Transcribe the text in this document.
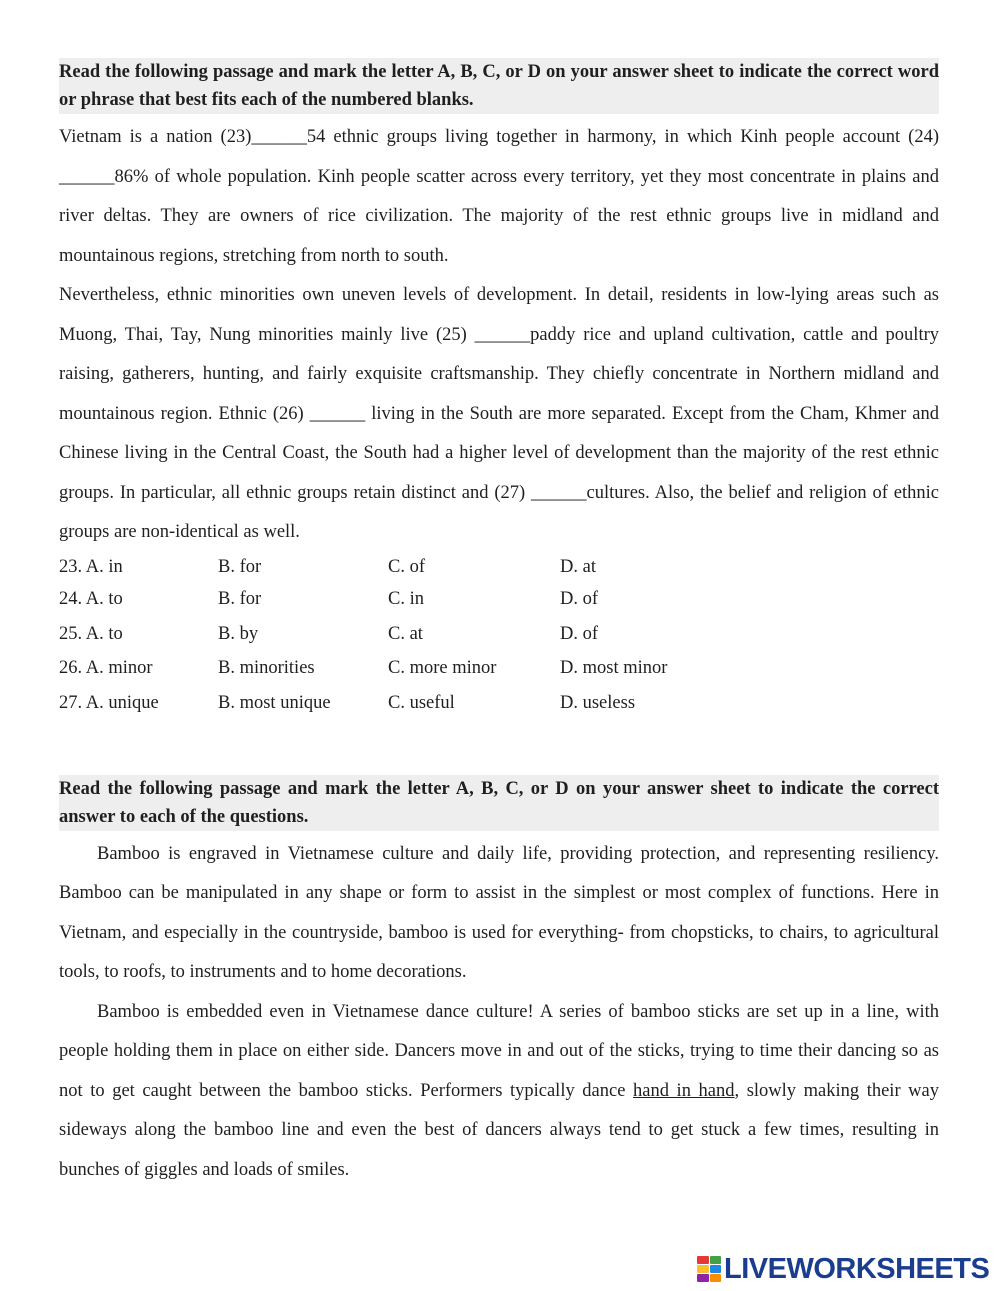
Read the following passage and mark the letter A, B, C, or D on your answer sheet to indicate the correct word or phrase that best fits each of the numbered blanks.

Vietnam is a nation (23)______54 ethnic groups living together in harmony, in which Kinh people account (24) ______86% of whole population. Kinh people scatter across every territory, yet they most concentrate in plains and river deltas. They are owners of rice civilization. The majority of the rest ethnic groups live in midland and mountainous regions, stretching from north to south.

Nevertheless, ethnic minorities own uneven levels of development. In detail, residents in low-lying areas such as Muong, Thai, Tay, Nung minorities mainly live (25) ______paddy rice and upland cultivation, cattle and poultry raising, gatherers, hunting, and fairly exquisite craftsmanship. They chiefly concentrate in Northern midland and mountainous region. Ethnic (26) ______ living in the South are more separated. Except from the Cham, Khmer and Chinese living in the Central Coast, the South had a higher level of development than the majority of the rest ethnic groups. In particular, all ethnic groups retain distinct and (27) ______cultures. Also, the belief and religion of ethnic groups are non-identical as well.

23. A. in	B. for	C. of	D. at
24. A. to	B. for	C. in	D. of
25. A. to	B. by	C. at	D. of
26. A. minor	B. minorities	C. more minor	D. most minor
27. A. unique	B. most unique	C. useful	D. useless

Read the following passage and mark the letter A, B, C, or D on your answer sheet to indicate the correct answer to each of the questions.

Bamboo is engraved in Vietnamese culture and daily life, providing protection, and representing resiliency. Bamboo can be manipulated in any shape or form to assist in the simplest or most complex of functions. Here in Vietnam, and especially in the countryside, bamboo is used for everything- from chopsticks, to chairs, to agricultural tools, to roofs, to instruments and to home decorations.

Bamboo is embedded even in Vietnamese dance culture! A series of bamboo sticks are set up in a line, with people holding them in place on either side. Dancers move in and out of the sticks, trying to time their dancing so as not to get caught between the bamboo sticks. Performers typically dance hand in hand, slowly making their way sideways along the bamboo line and even the best of dancers always tend to get stuck a few times, resulting in bunches of giggles and loads of smiles.

LIVEWORKSHEETS
